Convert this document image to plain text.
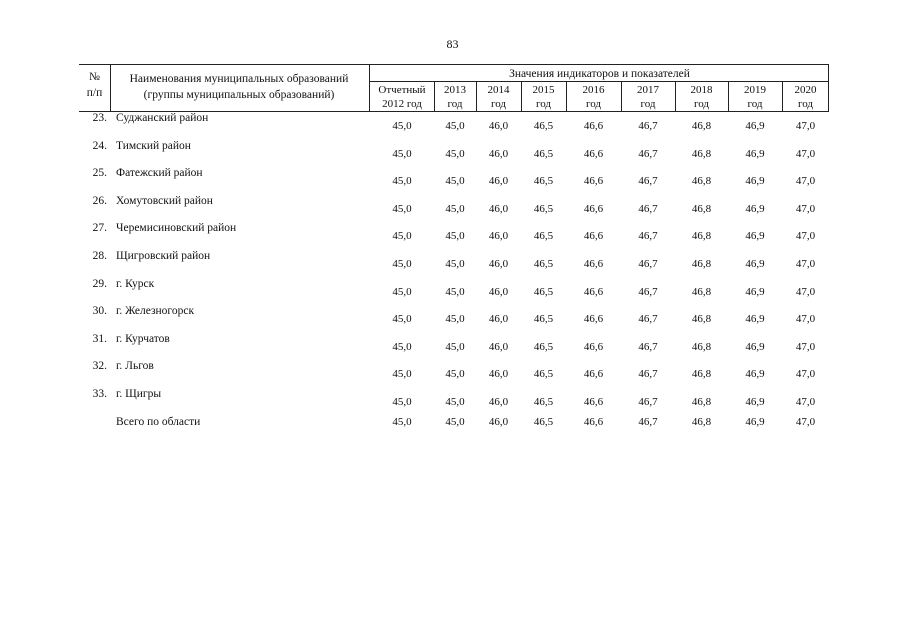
83
№
п/п
Наименования муниципальных образований
(группы муниципальных образований)
Значения индикаторов и показателей
Отчетный
2012 год
2013
год
2014
год
2015
год
2016
год
2017
год
2018
год
2019
год
2020
год
23. Суджанский район
45,0	45,0	46,0	46,5	46,6	46,7	46,8	46,9	47,0
24. Тимский район
45,0	45,0	46,0	46,5	46,6	46,7	46,8	46,9	47,0
25. Фатежский район
45,0	45,0	46,0	46,5	46,6	46,7	46,8	46,9	47,0
26. Хомутовский район
45,0	45,0	46,0	46,5	46,6	46,7	46,8	46,9	47,0
27. Черемисиновский район
45,0	45,0	46,0	46,5	46,6	46,7	46,8	46,9	47,0
28. Щигровский район
45,0	45,0	46,0	46,5	46,6	46,7	46,8	46,9	47,0
29. г. Курск
45,0	45,0	46,0	46,5	46,6	46,7	46,8	46,9	47,0
30. г. Железногорск
45,0	45,0	46,0	46,5	46,6	46,7	46,8	46,9	47,0
31. г. Курчатов
45,0	45,0	46,0	46,5	46,6	46,7	46,8	46,9	47,0
32. г. Льгов
45,0	45,0	46,0	46,5	46,6	46,7	46,8	46,9	47,0
33. г. Щигры
45,0	45,0	46,0	46,5	46,6	46,7	46,8	46,9	47,0
Всего по области	45,0	45,0	46,0	46,5	46,6	46,7	46,8	46,9	47,0
